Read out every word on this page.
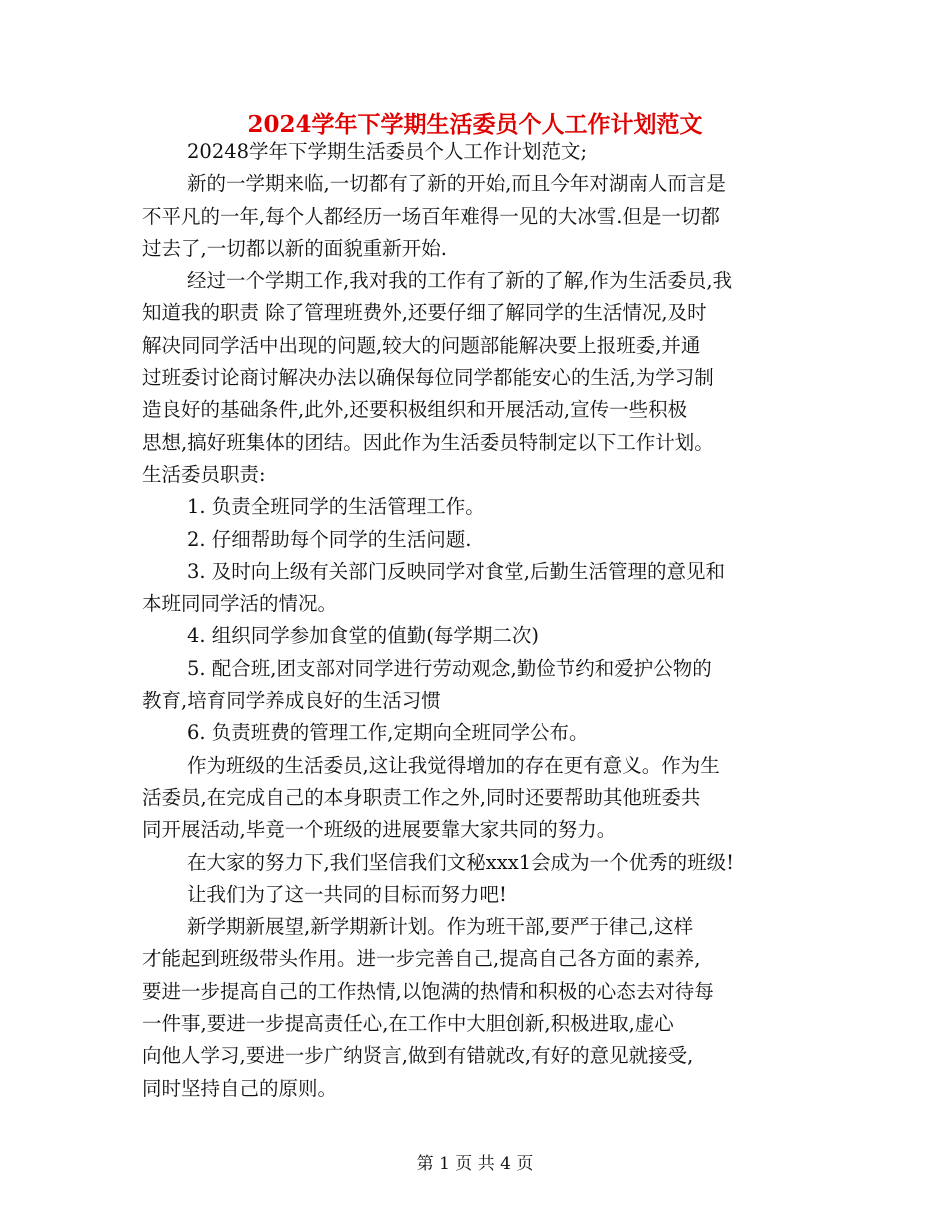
2024学年下学期生活委员个人工作计划范文
20248学年下学期生活委员个人工作计划范文;
新的一学期来临,一切都有了新的开始,而且今年对湖南人而言是
不平凡的一年,每个人都经历一场百年难得一见的大冰雪.但是一切都
过去了,一切都以新的面貌重新开始.
经过一个学期工作,我对我的工作有了新的了解,作为生活委员,我
知道我的职责 除了管理班费外,还要仔细了解同学的生活情况,及时
解决同同学活中出现的问题,较大的问题部能解决要上报班委,并通
过班委讨论商讨解决办法以确保每位同学都能安心的生活,为学习制
造良好的基础条件,此外,还要积极组织和开展活动,宣传一些积极
思想,搞好班集体的团结。因此作为生活委员特制定以下工作计划。
生活委员职责:
1. 负责全班同学的生活管理工作。
2. 仔细帮助每个同学的生活问题.
3. 及时向上级有关部门反映同学对食堂,后勤生活管理的意见和
本班同同学活的情况。
4. 组织同学参加食堂的值勤(每学期二次)
5. 配合班,团支部对同学进行劳动观念,勤俭节约和爱护公物的
教育,培育同学养成良好的生活习惯
6. 负责班费的管理工作,定期向全班同学公布。
作为班级的生活委员,这让我觉得增加的存在更有意义。作为生
活委员,在完成自己的本身职责工作之外,同时还要帮助其他班委共
同开展活动,毕竟一个班级的进展要靠大家共同的努力。
在大家的努力下,我们坚信我们文秘xxx1会成为一个优秀的班级!
让我们为了这一共同的目标而努力吧!
新学期新展望,新学期新计划。作为班干部,要严于律己,这样
才能起到班级带头作用。进一步完善自己,提高自己各方面的素养,
要进一步提高自己的工作热情,以饱满的热情和积极的心态去对待每
一件事,要进一步提高责任心,在工作中大胆创新,积极进取,虚心
向他人学习,要进一步广纳贤言,做到有错就改,有好的意见就接受,
同时坚持自己的原则。
第 1 页 共 4 页
